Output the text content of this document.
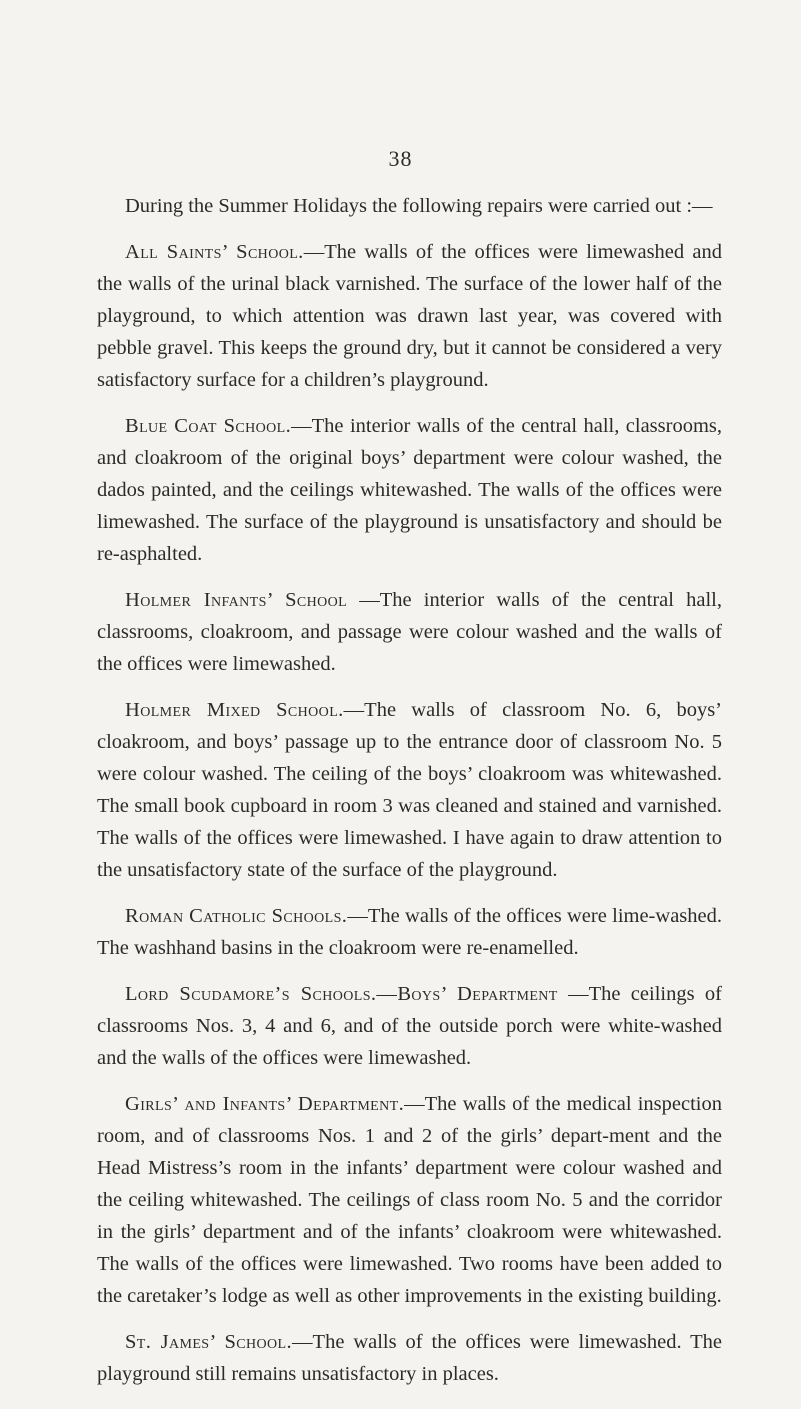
38

During the Summer Holidays the following repairs were carried out :—

All Saints’ School.—The walls of the offices were limewashed and the walls of the urinal black varnished. The surface of the lower half of the playground, to which attention was drawn last year, was covered with pebble gravel. This keeps the ground dry, but it cannot be considered a very satisfactory surface for a children’s playground.

Blue Coat School.—The interior walls of the central hall, classrooms, and cloakroom of the original boys’ department were colour washed, the dados painted, and the ceilings whitewashed. The walls of the offices were limewashed. The surface of the playground is unsatisfactory and should be re-asphalted.

Holmer Infants’ School —The interior walls of the central hall, classrooms, cloakroom, and passage were colour washed and the walls of the offices were limewashed.

Holmer Mixed School.—The walls of classroom No. 6, boys’ cloakroom, and boys’ passage up to the entrance door of classroom No. 5 were colour washed. The ceiling of the boys’ cloakroom was whitewashed. The small book cupboard in room 3 was cleaned and stained and varnished. The walls of the offices were limewashed. I have again to draw attention to the unsatisfactory state of the surface of the playground.

Roman Catholic Schools.—The walls of the offices were lime-washed. The washhand basins in the cloakroom were re-enamelled.

Lord Scudamore’s Schools.—Boys’ Department —The ceilings of classrooms Nos. 3, 4 and 6, and of the outside porch were white-washed and the walls of the offices were limewashed.

Girls’ and Infants’ Department.—The walls of the medical inspection room, and of classrooms Nos. 1 and 2 of the girls’ depart-ment and the Head Mistress’s room in the infants’ department were colour washed and the ceiling whitewashed. The ceilings of class room No. 5 and the corridor in the girls’ department and of the infants’ cloakroom were whitewashed. The walls of the offices were limewashed. Two rooms have been added to the caretaker’s lodge as well as other improvements in the existing building.

St. James’ School.—The walls of the offices were limewashed. The playground still remains unsatisfactory in places.
